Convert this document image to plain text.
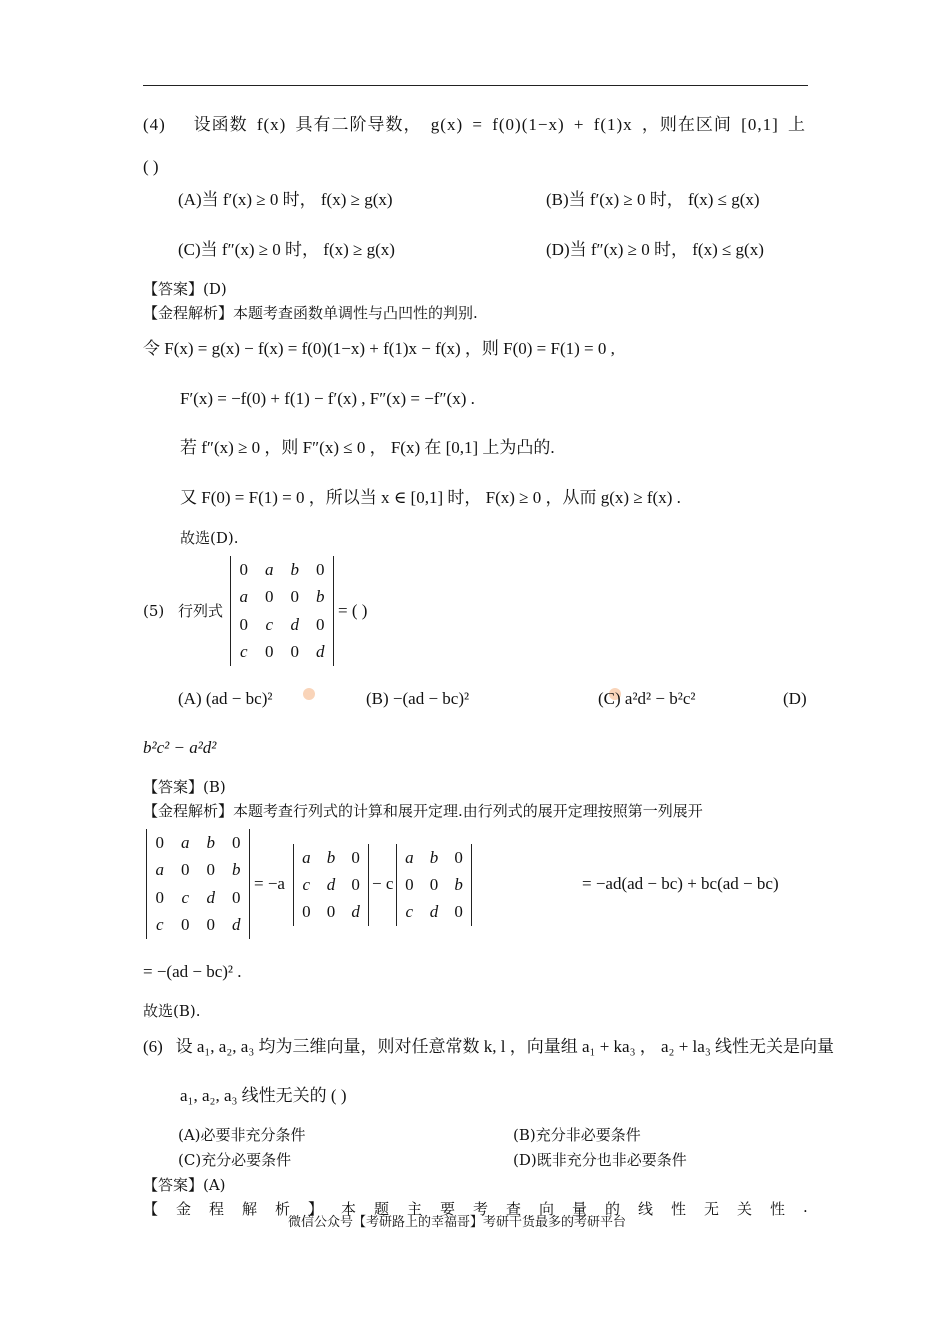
(4) 设函数 f(x) 具有二阶导数， g(x) = f(0)(1−x) + f(1)x ，则在区间 [0,1] 上
( )
(A)当 f′(x) ≥ 0 时， f(x) ≥ g(x)	(B)当 f′(x) ≥ 0 时， f(x) ≤ g(x)
(C)当 f″(x) ≥ 0 时， f(x) ≥ g(x)	(D)当 f″(x) ≥ 0 时， f(x) ≤ g(x)
【答案】(D)
【金程解析】本题考查函数单调性与凸凹性的判别.
令 F(x) = g(x) − f(x) = f(0)(1−x) + f(1)x − f(x) ，则 F(0) = F(1) = 0 ,
F′(x) = −f(0) + f(1) − f′(x) , F″(x) = −f″(x) .
若 f″(x) ≥ 0 ，则 F″(x) ≤ 0 ， F(x) 在 [0,1] 上为凸的.
又 F(0) = F(1) = 0 ，所以当 x ∈ [0,1] 时， F(x) ≥ 0 ，从而 g(x) ≥ f(x) .
故选(D).
(5) 行列式
0	a	b	0
a	0	0	b
0	c	d	0
c	0	0	d
= ( )
(A) (ad − bc)²	(B) −(ad − bc)²	(C) a²d² − b²c²	(D)
b²c² − a²d²
【答案】(B)
【金程解析】本题考查行列式的计算和展开定理.由行列式的展开定理按照第一列展开
0	a	b	0
a	0	0	b
0	c	d	0
c	0	0	d
= −a
a b 0
c d 0
0 0 d
− c
a b 0
0 0 b
c d 0
= −ad(ad − bc) + bc(ad − bc)
= −(ad − bc)² .
故选(B).
(6) 设 a₁, a₂, a₃ 均为三维向量，则对任意常数 k, l ，向量组 a₁ + ka₃ ， a₂ + la₃ 线性无关是向量
a₁, a₂, a₃ 线性无关的 ( )
(A)必要非充分条件	(B)充分非必要条件
(C)充分必要条件	(D)既非充分也非必要条件
【答案】(A)
【 金 程 解 析 】 本 题 主 要 考 查 向 量 的 线 性 无 关 性 .
微信公众号【考研路上的幸福哥】考研干货最多的考研平台
